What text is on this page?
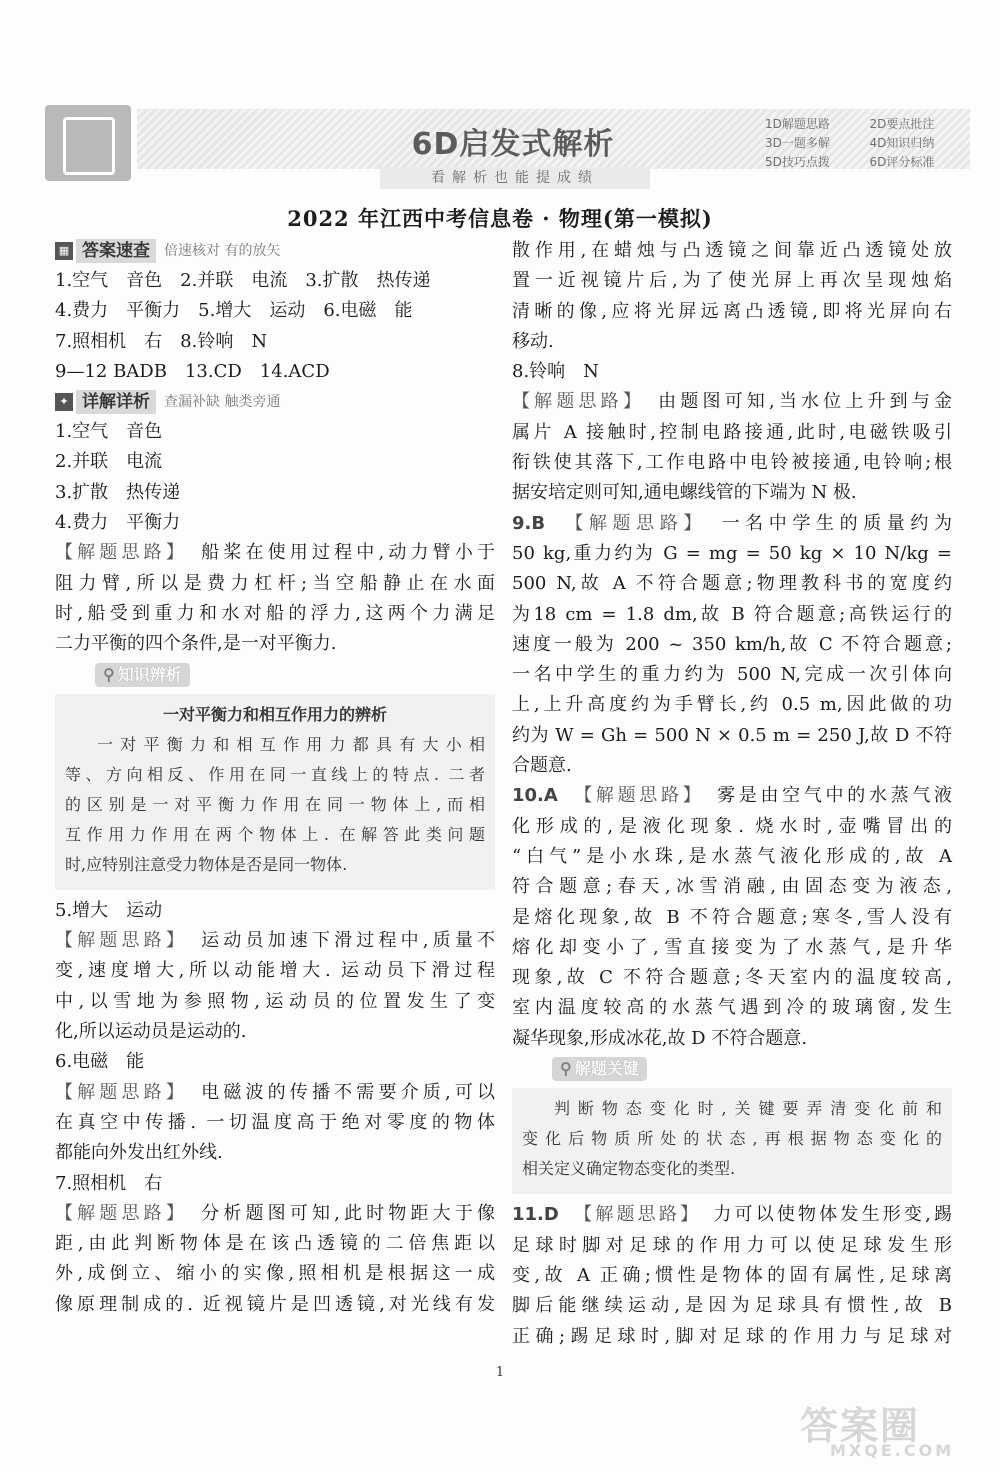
6D启发式解析
看解析也能提成绩
1D解题思路	2D要点批注
3D一题多解	4D知识归纳
5D技巧点拨	6D评分标准
2022 年江西中考信息卷 · 物理(第一模拟)
▦ 答案速查	倍速核对 有的放矢
1.空气　音色　2.并联　电流　3.扩散　热传递
4.费力　平衡力　5.增大　运动　6.电磁　能
7.照相机　右　8.铃响　N
9—12 BADB　13.CD　14.ACD
✦ 详解详析	查漏补缺 触类旁通
1.空气　音色
2.并联　电流
3.扩散　热传递
4.费力　平衡力
【解题思路】　 船桨在使用过程中,动力臂小于
阻力臂,所以是费力杠杆;当空船静止在水面
时,船受到重力和水对船的浮力,这两个力满足
二力平衡的四个条件,是一对平衡力.
⚲ 知识辨析
一对平衡力和相互作用力的辨析
一对平衡力和相互作用力都具有大小相
等、方向相反、作用在同一直线上的特点. 二者
的区别是一对平衡力作用在同一物体上,而相
互作用力作用在两个物体上. 在解答此类问题
时,应特别注意受力物体是否是同一物体.
5.增大　运动
【解题思路】　 运动员加速下滑过程中,质量不
变,速度增大,所以动能增大. 运动员下滑过程
中,以雪地为参照物,运动员的位置发生了变
化,所以运动员是运动的.
6.电磁　能
【解题思路】　 电磁波的传播不需要介质,可以
在真空中传播. 一切温度高于绝对零度的物体
都能向外发出红外线.
7.照相机　右
【解题思路】　 分析题图可知,此时物距大于像
距,由此判断物体是在该凸透镜的二倍焦距以
外,成倒立、缩小的实像,照相机是根据这一成
像原理制成的. 近视镜片是凹透镜,对光线有发
散作用,在蜡烛与凸透镜之间靠近凸透镜处放
置一近视镜片后,为了使光屏上再次呈现烛焰
清晰的像,应将光屏远离凸透镜,即将光屏向右
移动.
8.铃响　N
【解题思路】　 由题图可知,当水位上升到与金
属片 A 接触时,控制电路接通,此时,电磁铁吸引
衔铁使其落下,工作电路中电铃被接通,电铃响;根
据安培定则可知,通电螺线管的下端为 N 极.
9.B　 【解题思路】　 一名中学生的质量约为
50 kg,重力约为 G = mg = 50 kg × 10 N/kg =
500 N,故 A 不符合题意;物理教科书的宽度约
为18 cm = 1.8 dm,故 B 符合题意;高铁运行的
速度一般为 200 ~ 350 km/h,故 C 不符合题意;
一名中学生的重力约为 500 N,完成一次引体向
上,上升高度约为手臂长,约 0.5 m,因此做的功
约为 W = Gh = 500 N × 0.5 m = 250 J,故 D 不符
合题意.
10.A　 【解题思路】　 雾是由空气中的水蒸气液
化形成的,是液化现象. 烧水时,壶嘴冒出的
“白气”是小水珠,是水蒸气液化形成的,故 A
符合题意;春天,冰雪消融,由固态变为液态,
是熔化现象,故 B 不符合题意;寒冬,雪人没有
熔化却变小了,雪直接变为了水蒸气,是升华
现象,故 C 不符合题意;冬天室内的温度较高,
室内温度较高的水蒸气遇到冷的玻璃窗,发生
凝华现象,形成冰花,故 D 不符合题意.
⚲ 解题关键
判断物态变化时,关键要弄清变化前和
变化后物质所处的状态,再根据物态变化的
相关定义确定物态变化的类型.
11.D　 【解题思路】　 力可以使物体发生形变,踢
足球时脚对足球的作用力可以使足球发生形
变,故 A 正确;惯性是物体的固有属性,足球离
脚后能继续运动,是因为足球具有惯性,故 B
正确;踢足球时,脚对足球的作用力与足球对
1
答案圈
MXQE.COM
